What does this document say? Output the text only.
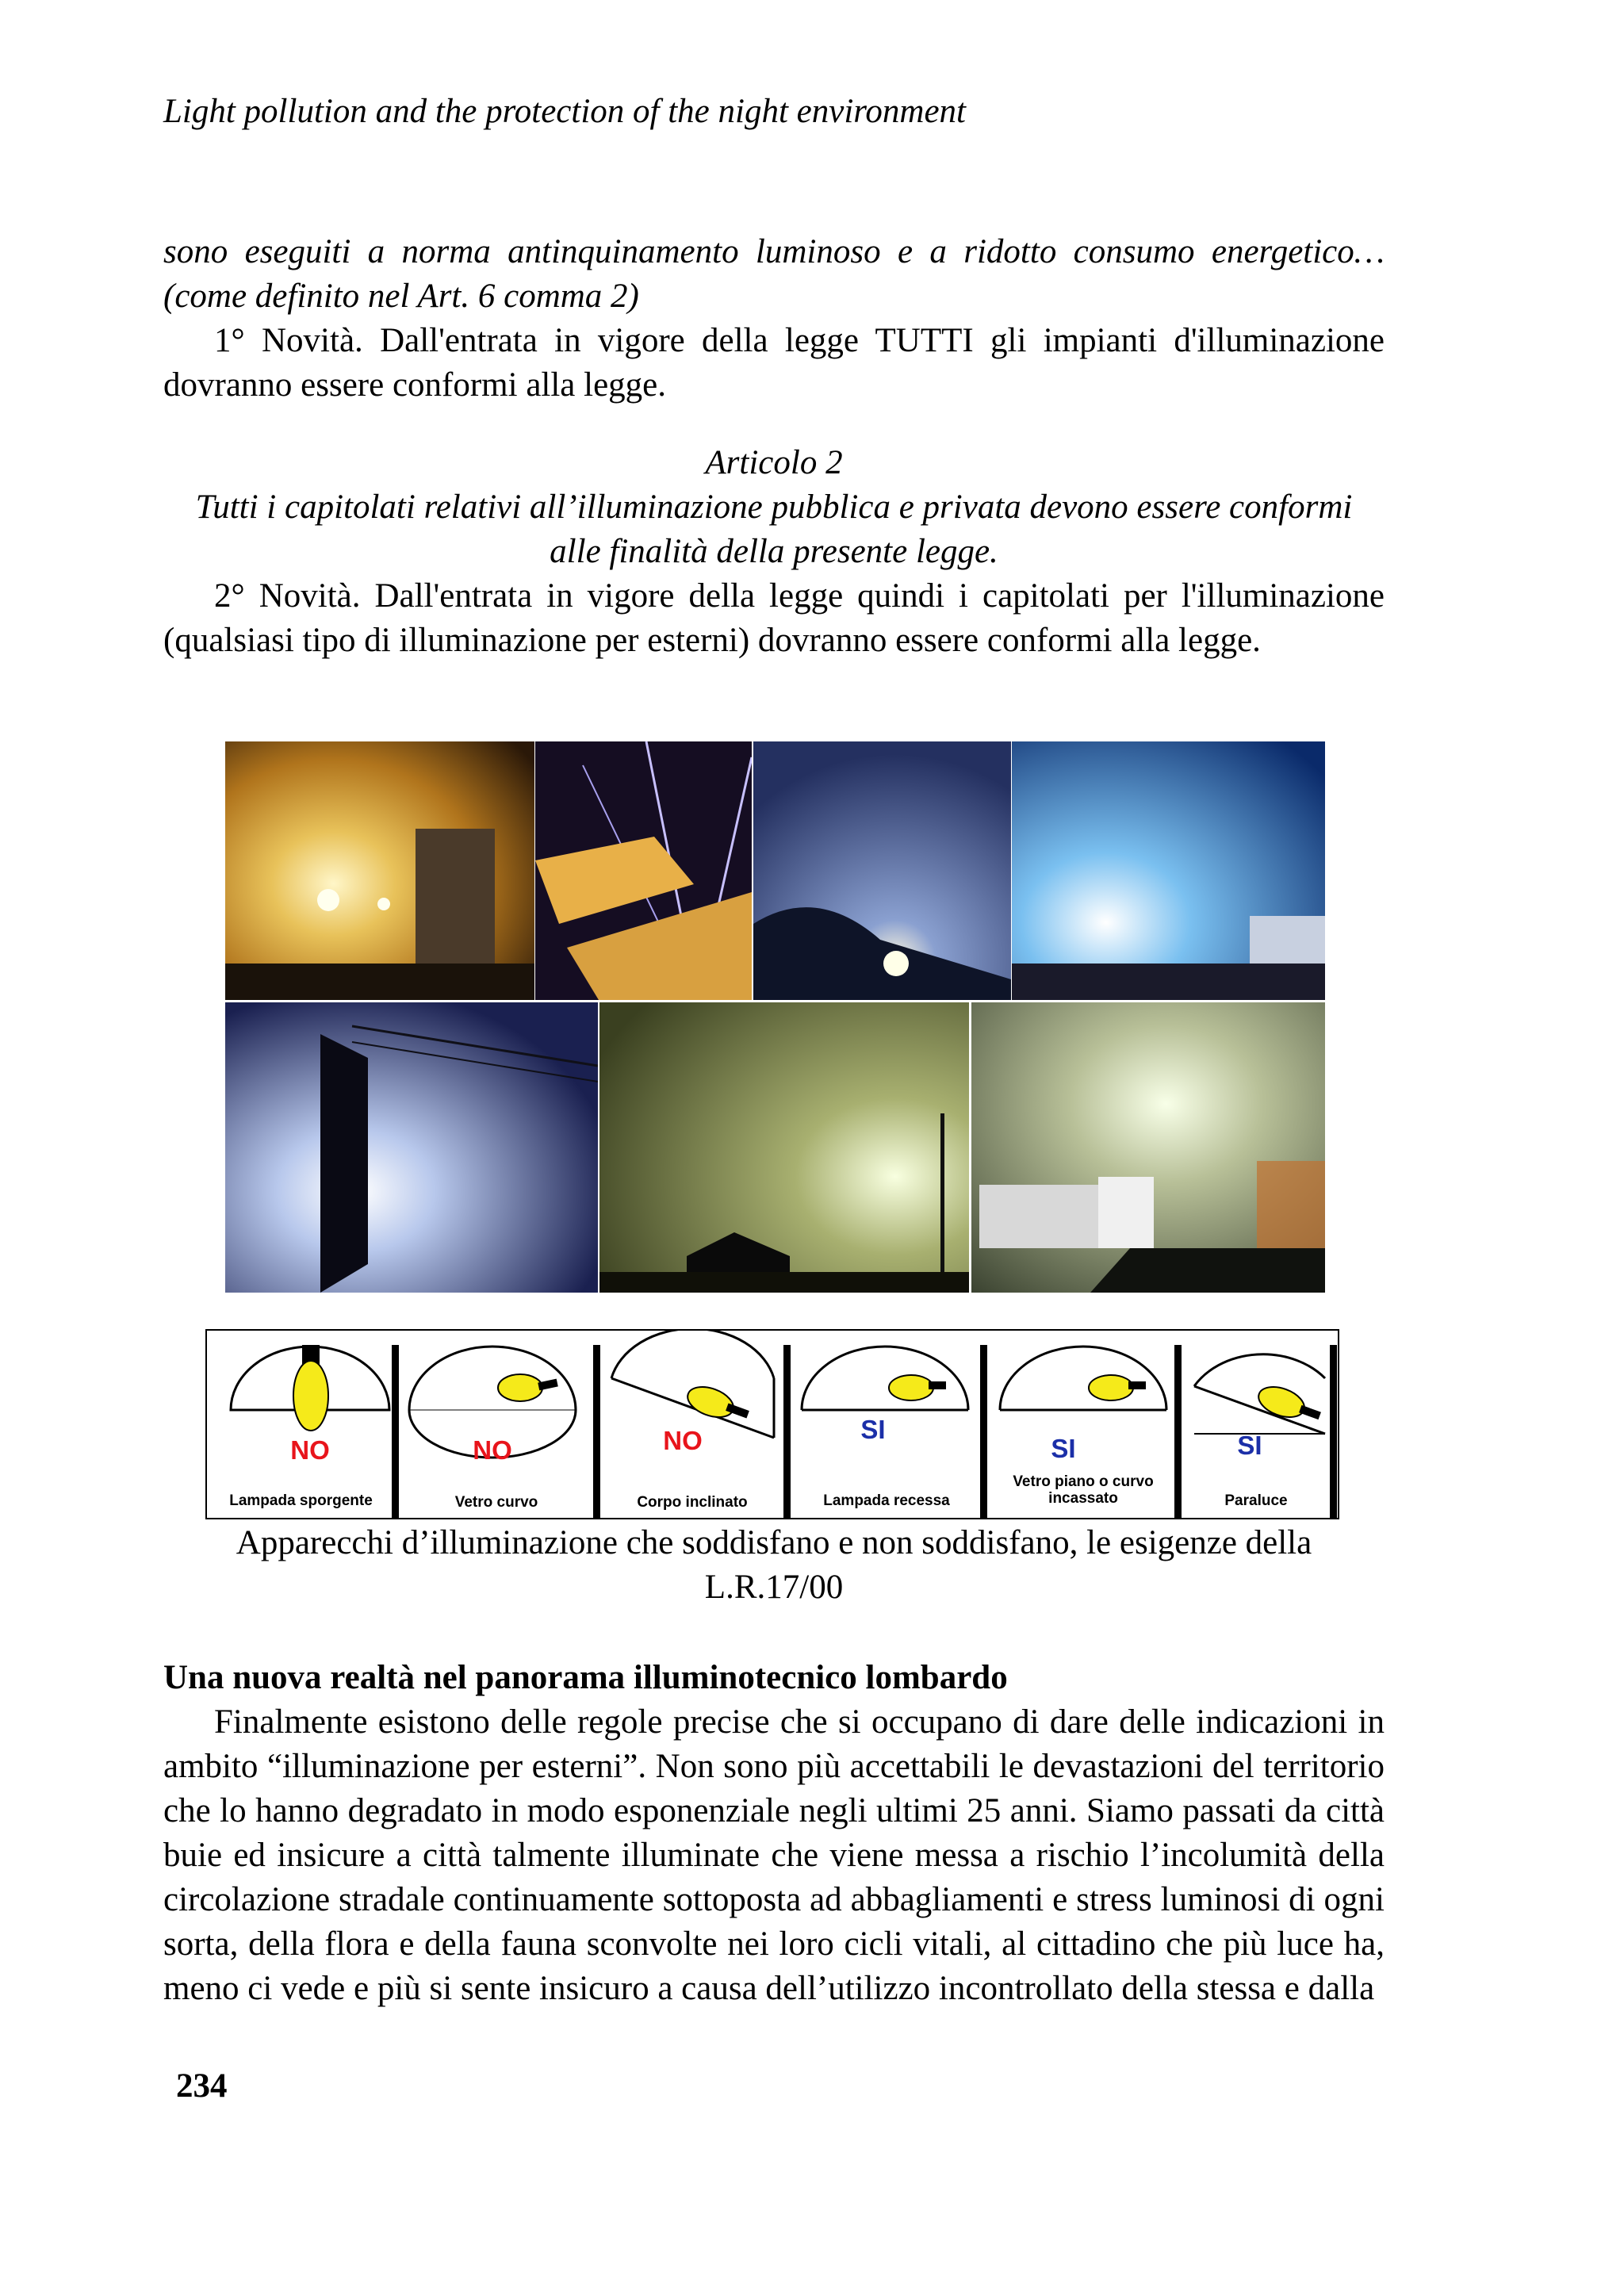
Light pollution and the protection of the night environment

sono eseguiti a norma antinquinamento luminoso e a ridotto consumo energetico… (come definito nel Art. 6 comma 2)

1° Novità. Dall'entrata in vigore della legge TUTTI gli impianti d'illuminazione dovranno essere conformi alla legge.

Articolo 2

Tutti i capitolati relativi all’illuminazione pubblica e privata devono essere conformi alle finalità della presente legge.

2° Novità. Dall'entrata in vigore della legge quindi i capitolati per l'illuminazione (qualsiasi tipo di illuminazione per esterni) dovranno essere conformi alla legge.

NO	NO	NO	SI
SI	SI
Lampada sporgente	Vetro curvo	Corpo inclinato	Lampada recessa
Vetro piano o curvo incassato	Paraluce
Apparecchi d’illuminazione che soddisfano e non soddisfano, le esigenze della L.R.17/00

Una nuova realtà nel panorama illuminotecnico lombardo

Finalmente esistono delle regole precise che si occupano di dare delle indicazioni in ambito “illuminazione per esterni”. Non sono più accettabili le devastazioni del territorio che lo hanno degradato in modo esponenziale negli ultimi 25 anni. Siamo passati da città buie ed insicure a città talmente illuminate che viene messa a rischio l’incolumità della circolazione stradale continuamente sottoposta ad abbagliamenti e stress luminosi di ogni sorta, della flora e della fauna sconvolte nei loro cicli vitali, al cittadino che più luce ha, meno ci vede e più si sente insicuro a causa dell’utilizzo incontrollato della stessa e dalla

234
